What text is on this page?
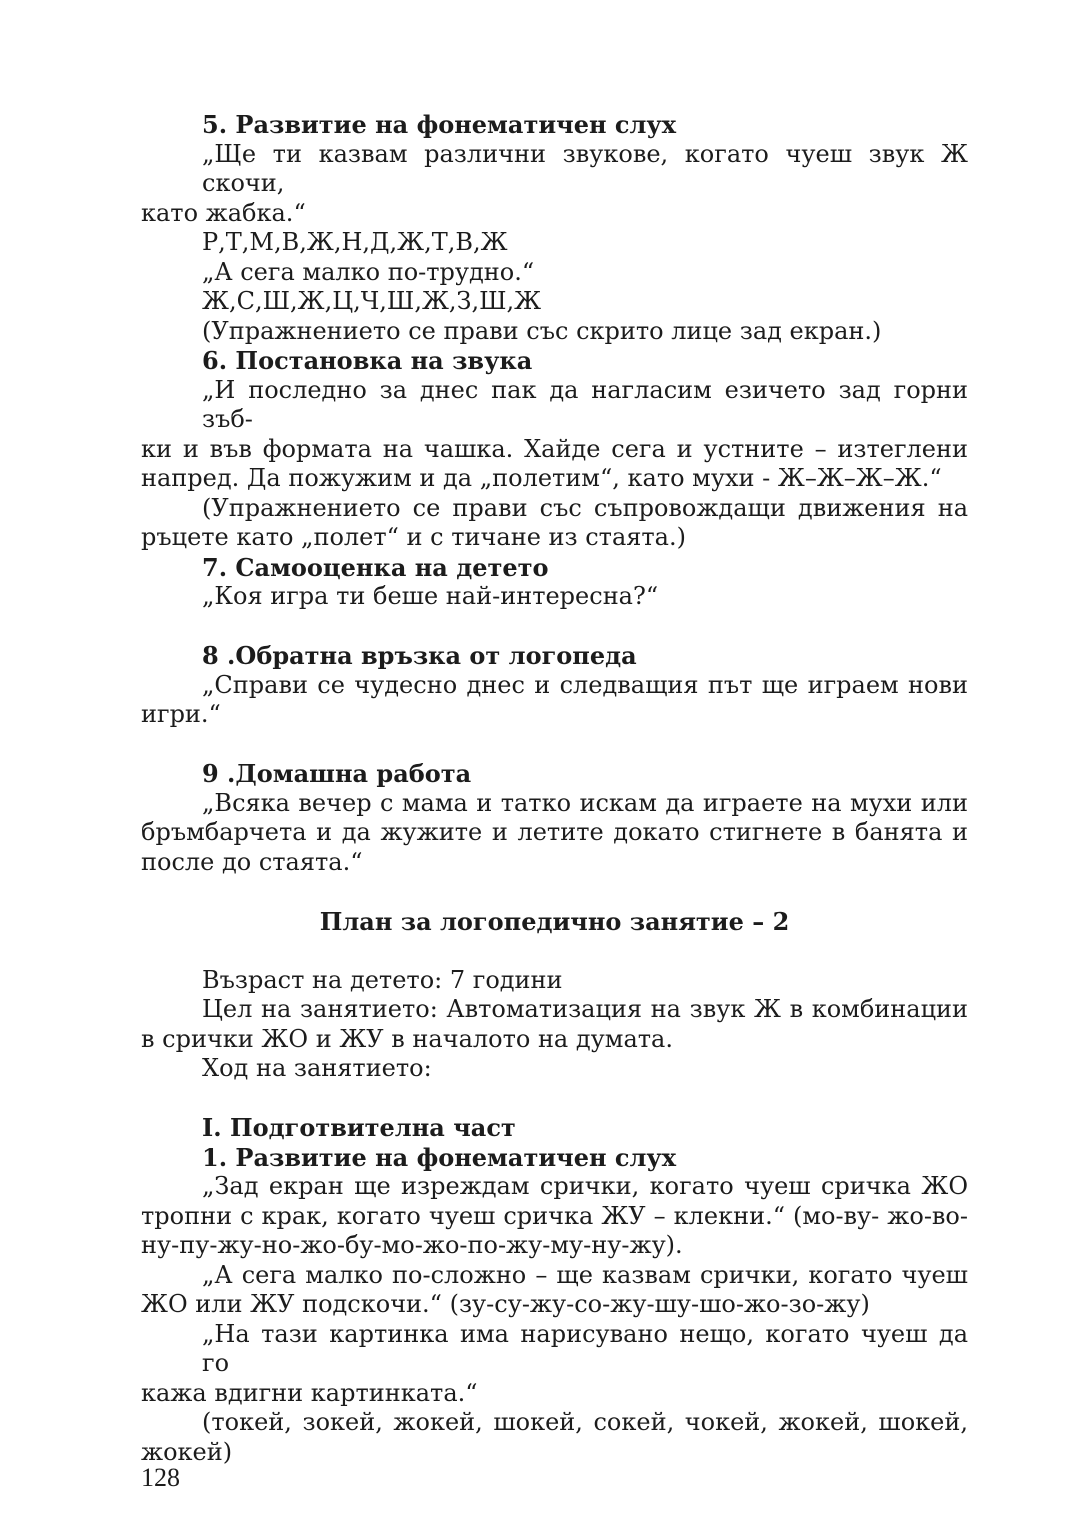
5. Развитие на фонематичен слух
„Ще ти казвам различни звукове, когато чуеш звук Ж скочи,
като жабка.“
Р,Т,М,В,Ж,Н,Д,Ж,Т,В,Ж
„А сега малко по-трудно.“
Ж,С,Ш,Ж,Ц,Ч,Ш,Ж,З,Ш,Ж
(Упражнението се прави със скрито лице зад екран.)
6. Постановка на звука
„И последно за днес пак да нагласим езичето зад горни зъб-
ки и във формата на чашка. Хайде сега и устните – изтеглени
напред. Да пожужим и да „полетим“, като мухи - Ж–Ж–Ж–Ж.“
(Упражнението се прави със съпровождащи движения на
ръцете като „полет“ и с тичане из стаята.)
7. Самооценка на детето
„Коя игра ти беше най-интересна?“
8 .Обратна връзка от логопеда
„Справи се чудесно днес и следващия път ще играем нови
игри.“
9 .Домашна работа
„Всяка вечер с мама и татко искам да играете на мухи или
бръмбарчета и да жужите и летите докато стигнете в банята и
после до стаята.“
План за логопедично занятие – 2
Възраст на детето: 7 години
Цел на занятието: Автоматизация на звук Ж в комбинации
в срички ЖО и ЖУ в началото на думата.
Ход на занятието:
I. Подготвителна част
1. Развитие на фонематичен слух
„Зад екран ще изреждам срички, когато чуеш сричка ЖО
тропни с крак, когато чуеш сричка ЖУ – клекни.“ (мо-ву- жо-во-
ну-пу-жу-но-жо-бу-мо-жо-по-жу-му-ну-жу).
„А сега малко по-сложно – ще казвам срички, когато чуеш
ЖО или ЖУ подскочи.“ (зу-су-жу-со-жу-шу-шо-жо-зо-жу)
„На тази картинка има нарисувано нещо, когато чуеш да го
кажа вдигни картинката.“
(токей, зокей, жокей, шокей, сокей, чокей, жокей, шокей,
жокей)
128
